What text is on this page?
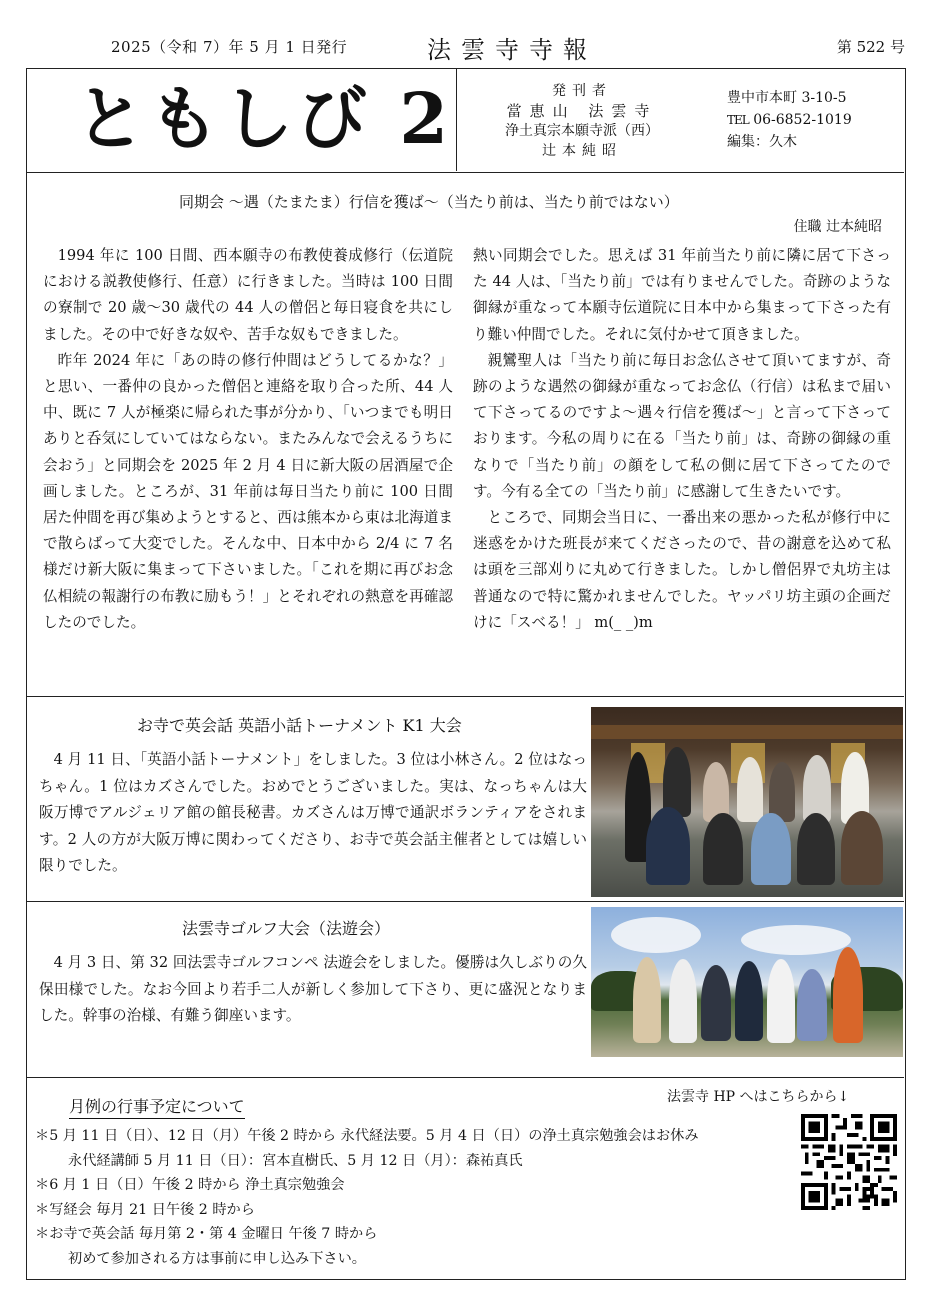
2025（令和 7）年 5 月 1 日発行	法雲寺寺報	第 522 号
ともしび 2	発刊者
當恵山 法雲寺
浄土真宗本願寺派（西）
辻本純昭
豊中市本町 3-10-5
TEL 06-6852-1019
編集：久木
同期会 〜遇（たまたま）行信を獲ば〜（当たり前は、当たり前ではない）
住職 辻本純昭

1994 年に 100 日間、西本願寺の布教使養成修行（伝道院における説教使修行、任意）に行きました。当時は 100 日間の寮制で 20 歳〜30 歳代の 44 人の僧侶と毎日寝食を共にしました。その中で好きな奴や、苦手な奴もできました。

昨年 2024 年に「あの時の修行仲間はどうしてるかな？」と思い、一番仲の良かった僧侶と連絡を取り合った所、44 人中、既に 7 人が極楽に帰られた事が分かり、「いつまでも明日ありと呑気にしていてはならない。またみんなで会えるうちに会おう」と同期会を 2025 年 2 月 4 日に新大阪の居酒屋で企画しました。ところが、31 年前は毎日当たり前に 100 日間居た仲間を再び集めようとすると、西は熊本から東は北海道まで散らばって大変でした。そんな中、日本中から 2/4 に 7 名様だけ新大阪に集まって下さいました。「これを期に再びお念仏相続の報謝行の布教に励もう！」とそれぞれの熱意を再確認したのでした。

熱い同期会でした。思えば 31 年前当たり前に隣に居て下さった 44 人は、「当たり前」では有りませんでした。奇跡のような御縁が重なって本願寺伝道院に日本中から集まって下さった有り難い仲間でした。それに気付かせて頂きました。

親鸞聖人は「当たり前に毎日お念仏させて頂いてますが、奇跡のような遇然の御縁が重なってお念仏（行信）は私まで届いて下さってるのですよ〜遇々行信を獲ば〜」と言って下さっております。今私の周りに在る「当たり前」は、奇跡の御縁の重なりで「当たり前」の顔をして私の側に居て下さってたのです。今有る全ての「当たり前」に感謝して生きたいです。

ところで、同期会当日に、一番出来の悪かった私が修行中に迷惑をかけた班長が来てくださったので、昔の謝意を込めて私は頭を三部刈りに丸めて行きました。しかし僧侶界で丸坊主は普通なので特に驚かれませんでした。ヤッパリ坊主頭の企画だけに「スベる！」 m(_ _)m

お寺で英会話 英語小話トーナメント K1 大会

4 月 11 日、「英語小話トーナメント」をしました。3 位は小林さん。2 位はなっちゃん。1 位はカズさんでした。おめでとうございました。実は、なっちゃんは大阪万博でアルジェリア館の館長秘書。カズさんは万博で通訳ボランティアをされます。2 人の方が大阪万博に関わってくださり、お寺で英会話主催者としては嬉しい限りでした。

法雲寺ゴルフ大会（法遊会）

4 月 3 日、第 32 回法雲寺ゴルフコンペ 法遊会をしました。優勝は久しぶりの久保田様でした。なお今回より若手二人が新しく参加して下さり、更に盛況となりました。幹事の治様、有難う御座います。

月例の行事予定について	法雲寺 HP へはこちらから↓
＊5 月 11 日（日）、12 日（月）午後 2 時から 永代経法要。5 月 4 日（日）の浄土真宗勉強会はお休み
永代経講師 5 月 11 日（日）：宮本直樹氏、5 月 12 日（月）：森祐真氏
＊6 月 1 日（日）午後 2 時から 浄土真宗勉強会
＊写経会 毎月 21 日午後 2 時から
＊お寺で英会話 毎月第 2・第 4 金曜日 午後 7 時から
初めて参加される方は事前に申し込み下さい。
